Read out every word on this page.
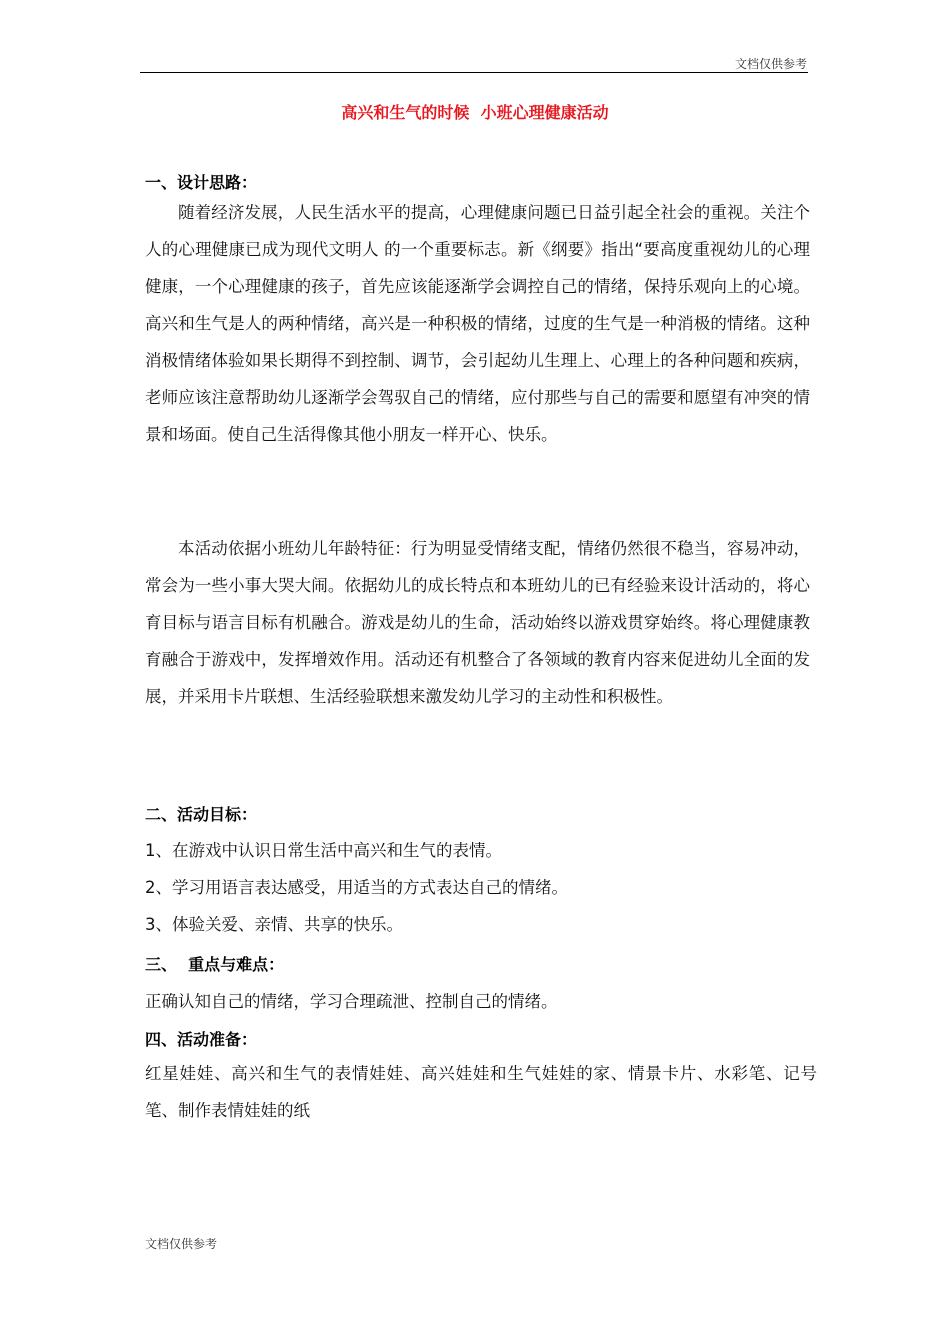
文档仅供参考
高兴和生气的时候  小班心理健康活动
一、设计思路：

随着经济发展，人民生活水平的提高，心理健康问题已日益引起全社会的重视。关注个人的心理健康已成为现代文明人 的一个重要标志。新《纲要》指出“要高度重视幼儿的心理健康，一个心理健康的孩子，首先应该能逐渐学会调控自己的情绪，保持乐观向上的心境。高兴和生气是人的两种情绪，高兴是一种积极的情绪，过度的生气是一种消极的情绪。这种消极情绪体验如果长期得不到控制、调节，会引起幼儿生理上、心理上的各种问题和疾病，老师应该注意帮助幼儿逐渐学会驾驭自己的情绪，应付那些与自己的需要和愿望有冲突的情景和场面。使自己生活得像其他小朋友一样开心、快乐。

本活动依据小班幼儿年龄特征：行为明显受情绪支配，情绪仍然很不稳当，容易冲动，常会为一些小事大哭大闹。依据幼儿的成长特点和本班幼儿的已有经验来设计活动的，将心育目标与语言目标有机融合。游戏是幼儿的生命，活动始终以游戏贯穿始终。将心理健康教育融合于游戏中，发挥增效作用。活动还有机整合了各领域的教育内容来促进幼儿全面的发展，并采用卡片联想、生活经验联想来激发幼儿学习的主动性和积极性。

二、活动目标：
1、在游戏中认识日常生活中高兴和生气的表情。
2、学习用语言表达感受，用适当的方式表达自己的情绪。
3、体验关爱、亲情、共享的快乐。
三、  重点与难点：
正确认知自己的情绪，学习合理疏泄、控制自己的情绪。
四、活动准备：

红星娃娃、高兴和生气的表情娃娃、高兴娃娃和生气娃娃的家、情景卡片、水彩笔、记号笔、制作表情娃娃的纸

文档仅供参考
